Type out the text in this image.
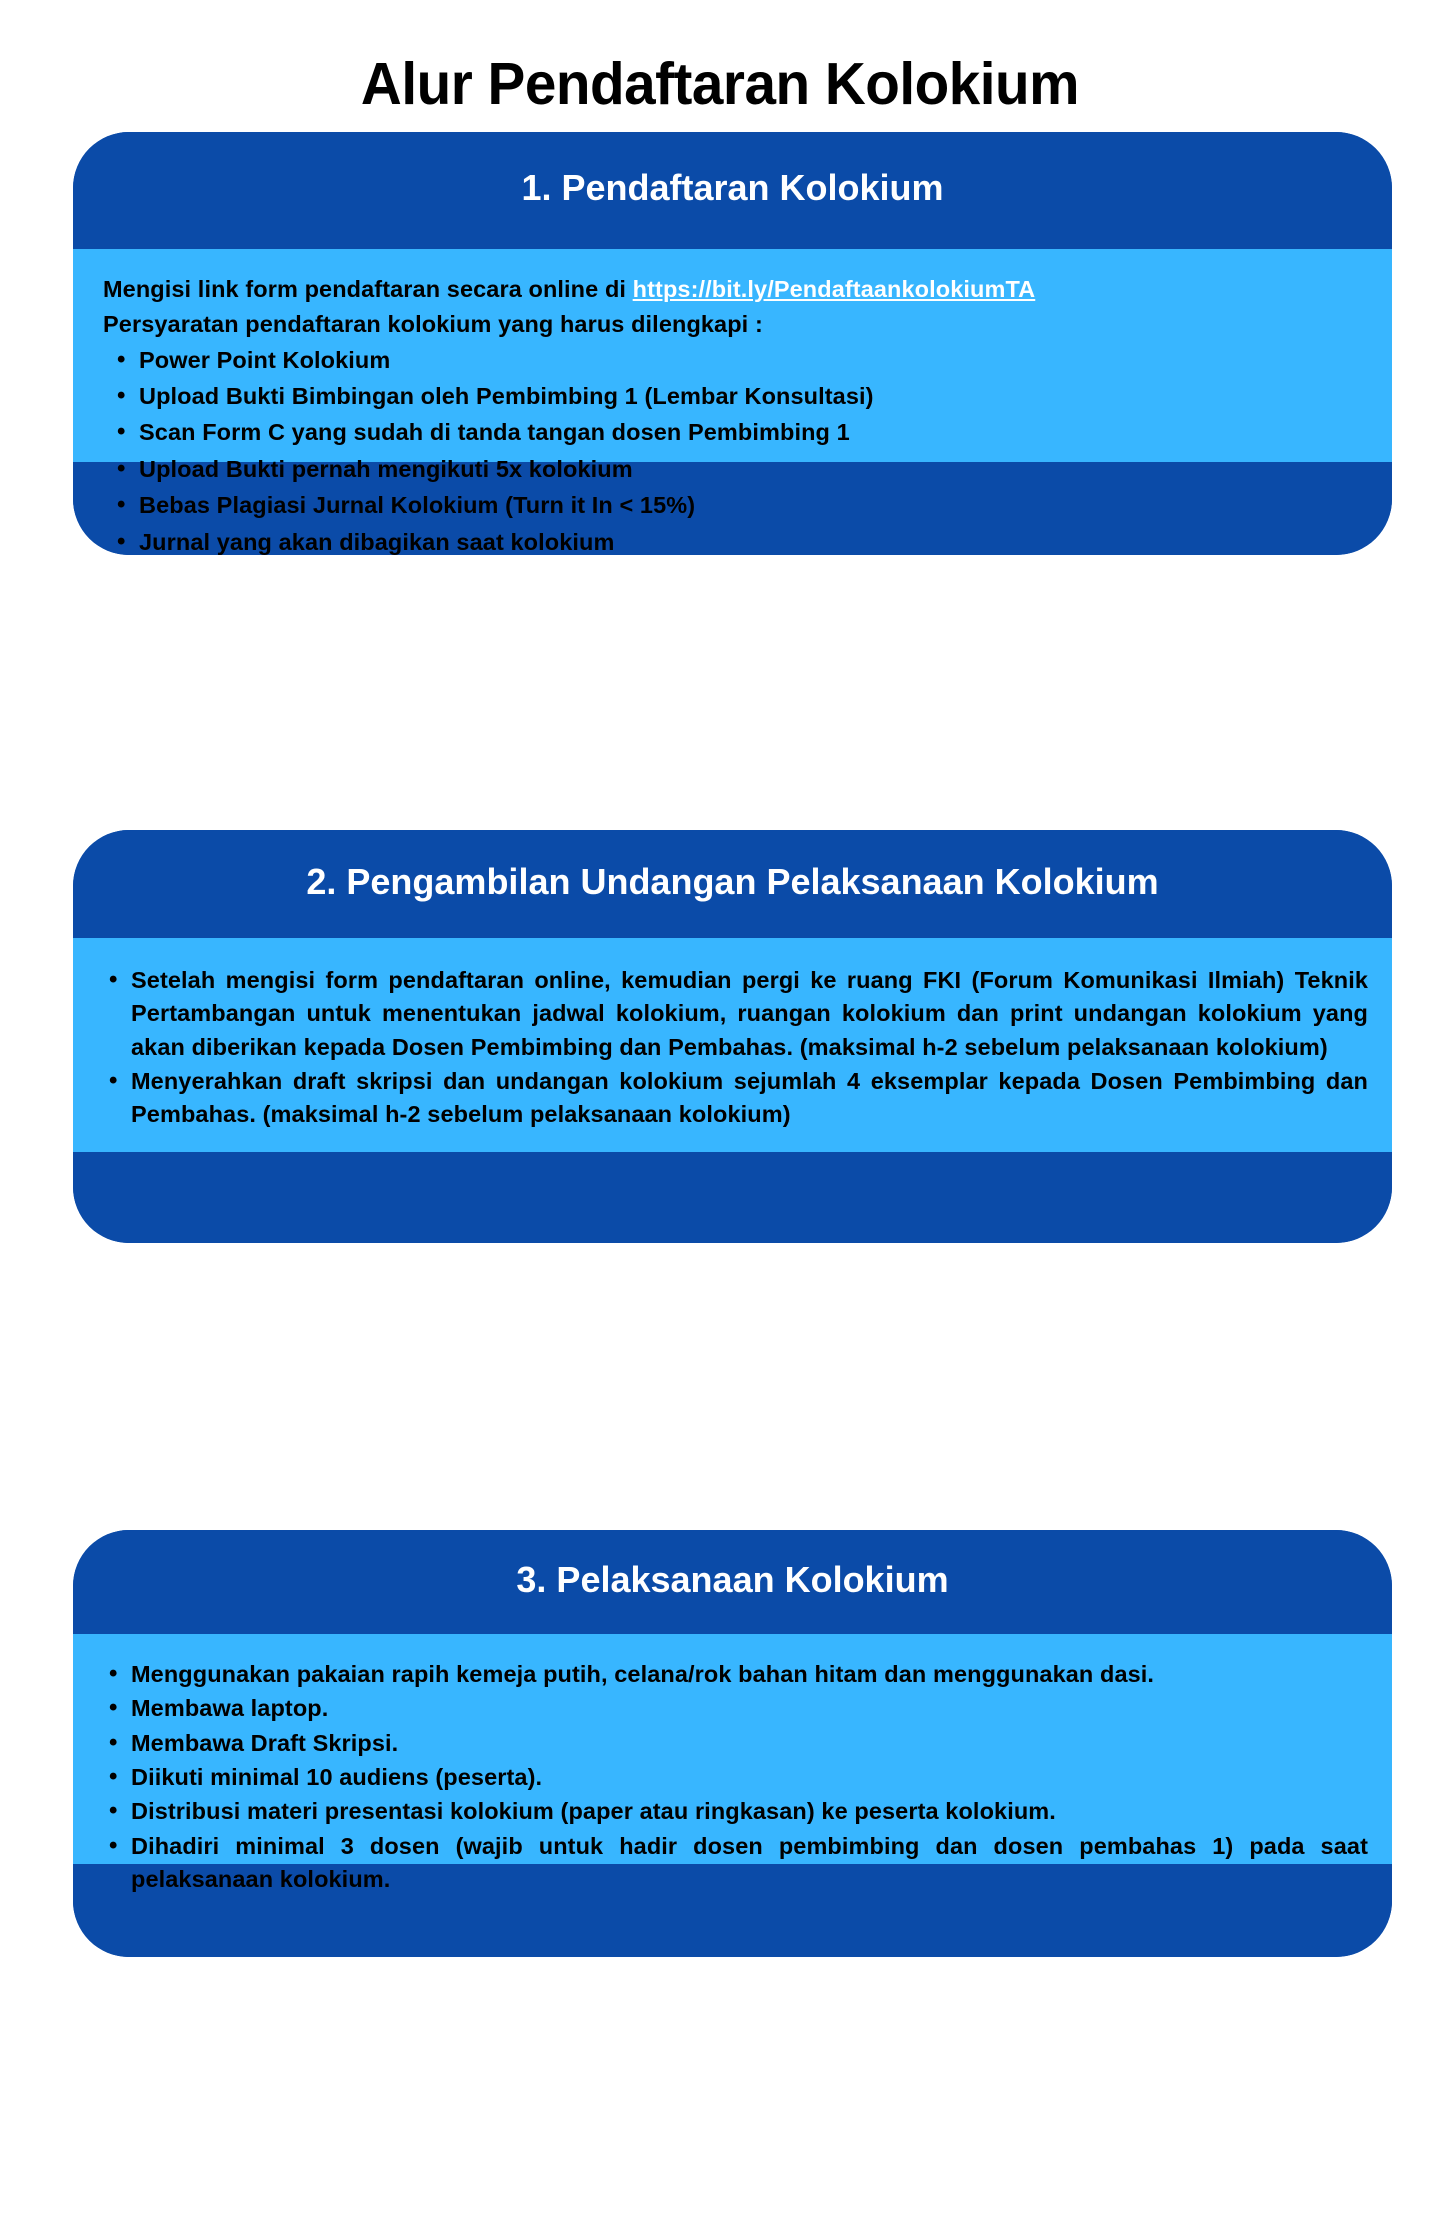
Alur Pendaftaran Kolokium
1. Pendaftaran Kolokium

Mengisi link form pendaftaran secara online di https://bit.ly/PendaftaankolokiumTA

Persyaratan pendaftaran kolokium yang harus dilengkapi :

• Power Point Kolokium
• Upload Bukti Bimbingan oleh Pembimbing 1 (Lembar Konsultasi)
• Scan Form C yang sudah di tanda tangan dosen Pembimbing 1
• Upload Bukti pernah mengikuti 5x kolokium
• Bebas Plagiasi Jurnal Kolokium (Turn it In < 15%)
• Jurnal yang akan dibagikan saat kolokium
2. Pengambilan Undangan Pelaksanaan Kolokium
• Setelah mengisi form pendaftaran online, kemudian pergi ke ruang FKI (Forum Komunikasi Ilmiah) Teknik Pertambangan untuk menentukan jadwal kolokium, ruangan kolokium dan print undangan kolokium yang akan diberikan kepada Dosen Pembimbing dan Pembahas. (maksimal h-2 sebelum pelaksanaan kolokium)
• Menyerahkan draft skripsi dan undangan kolokium sejumlah 4 eksemplar kepada Dosen Pembimbing dan Pembahas. (maksimal h-2 sebelum pelaksanaan kolokium)
3. Pelaksanaan Kolokium
• Menggunakan pakaian rapih kemeja putih, celana/rok bahan hitam dan menggunakan dasi.
• Membawa laptop.
• Membawa Draft Skripsi.
• Diikuti minimal 10 audiens (peserta).
• Distribusi materi presentasi kolokium (paper atau ringkasan) ke peserta kolokium.
• Dihadiri minimal 3 dosen (wajib untuk hadir dosen pembimbing dan dosen pembahas 1) pada saat pelaksanaan kolokium.
